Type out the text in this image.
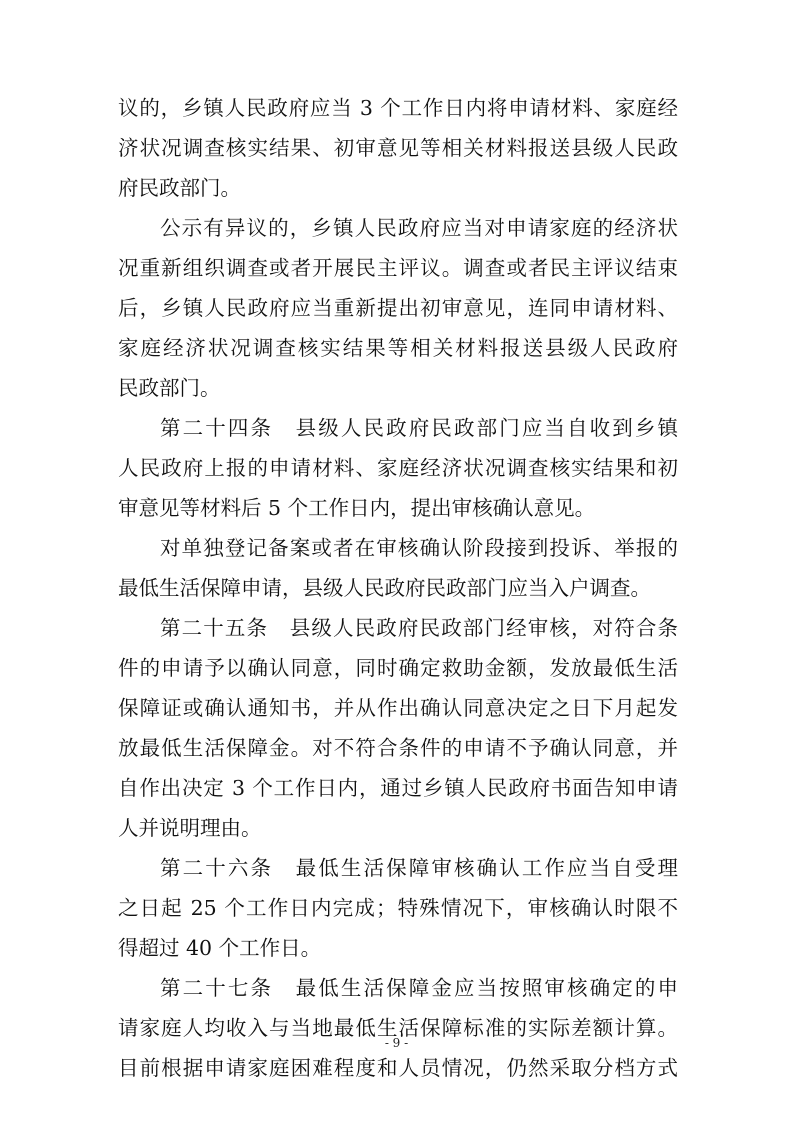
议的，乡镇人民政府应当 3 个工作日内将申请材料、家庭经
济状况调查核实结果、初审意见等相关材料报送县级人民政
府民政部门。
公示有异议的，乡镇人民政府应当对申请家庭的经济状
况重新组织调查或者开展民主评议。调查或者民主评议结束
后，乡镇人民政府应当重新提出初审意见，连同申请材料、
家庭经济状况调查核实结果等相关材料报送县级人民政府
民政部门。
第二十四条　县级人民政府民政部门应当自收到乡镇
人民政府上报的申请材料、家庭经济状况调查核实结果和初
审意见等材料后 5 个工作日内，提出审核确认意见。
对单独登记备案或者在审核确认阶段接到投诉、举报的
最低生活保障申请，县级人民政府民政部门应当入户调查。
第二十五条　县级人民政府民政部门经审核，对符合条
件的申请予以确认同意，同时确定救助金额，发放最低生活
保障证或确认通知书，并从作出确认同意决定之日下月起发
放最低生活保障金。对不符合条件的申请不予确认同意，并
自作出决定 3 个工作日内，通过乡镇人民政府书面告知申请
人并说明理由。
第二十六条　最低生活保障审核确认工作应当自受理
之日起 25 个工作日内完成；特殊情况下，审核确认时限不
得超过 40 个工作日。
第二十七条　最低生活保障金应当按照审核确定的申
请家庭人均收入与当地最低生活保障标准的实际差额计算。
目前根据申请家庭困难程度和人员情况，仍然采取分档方式
- 9 -
